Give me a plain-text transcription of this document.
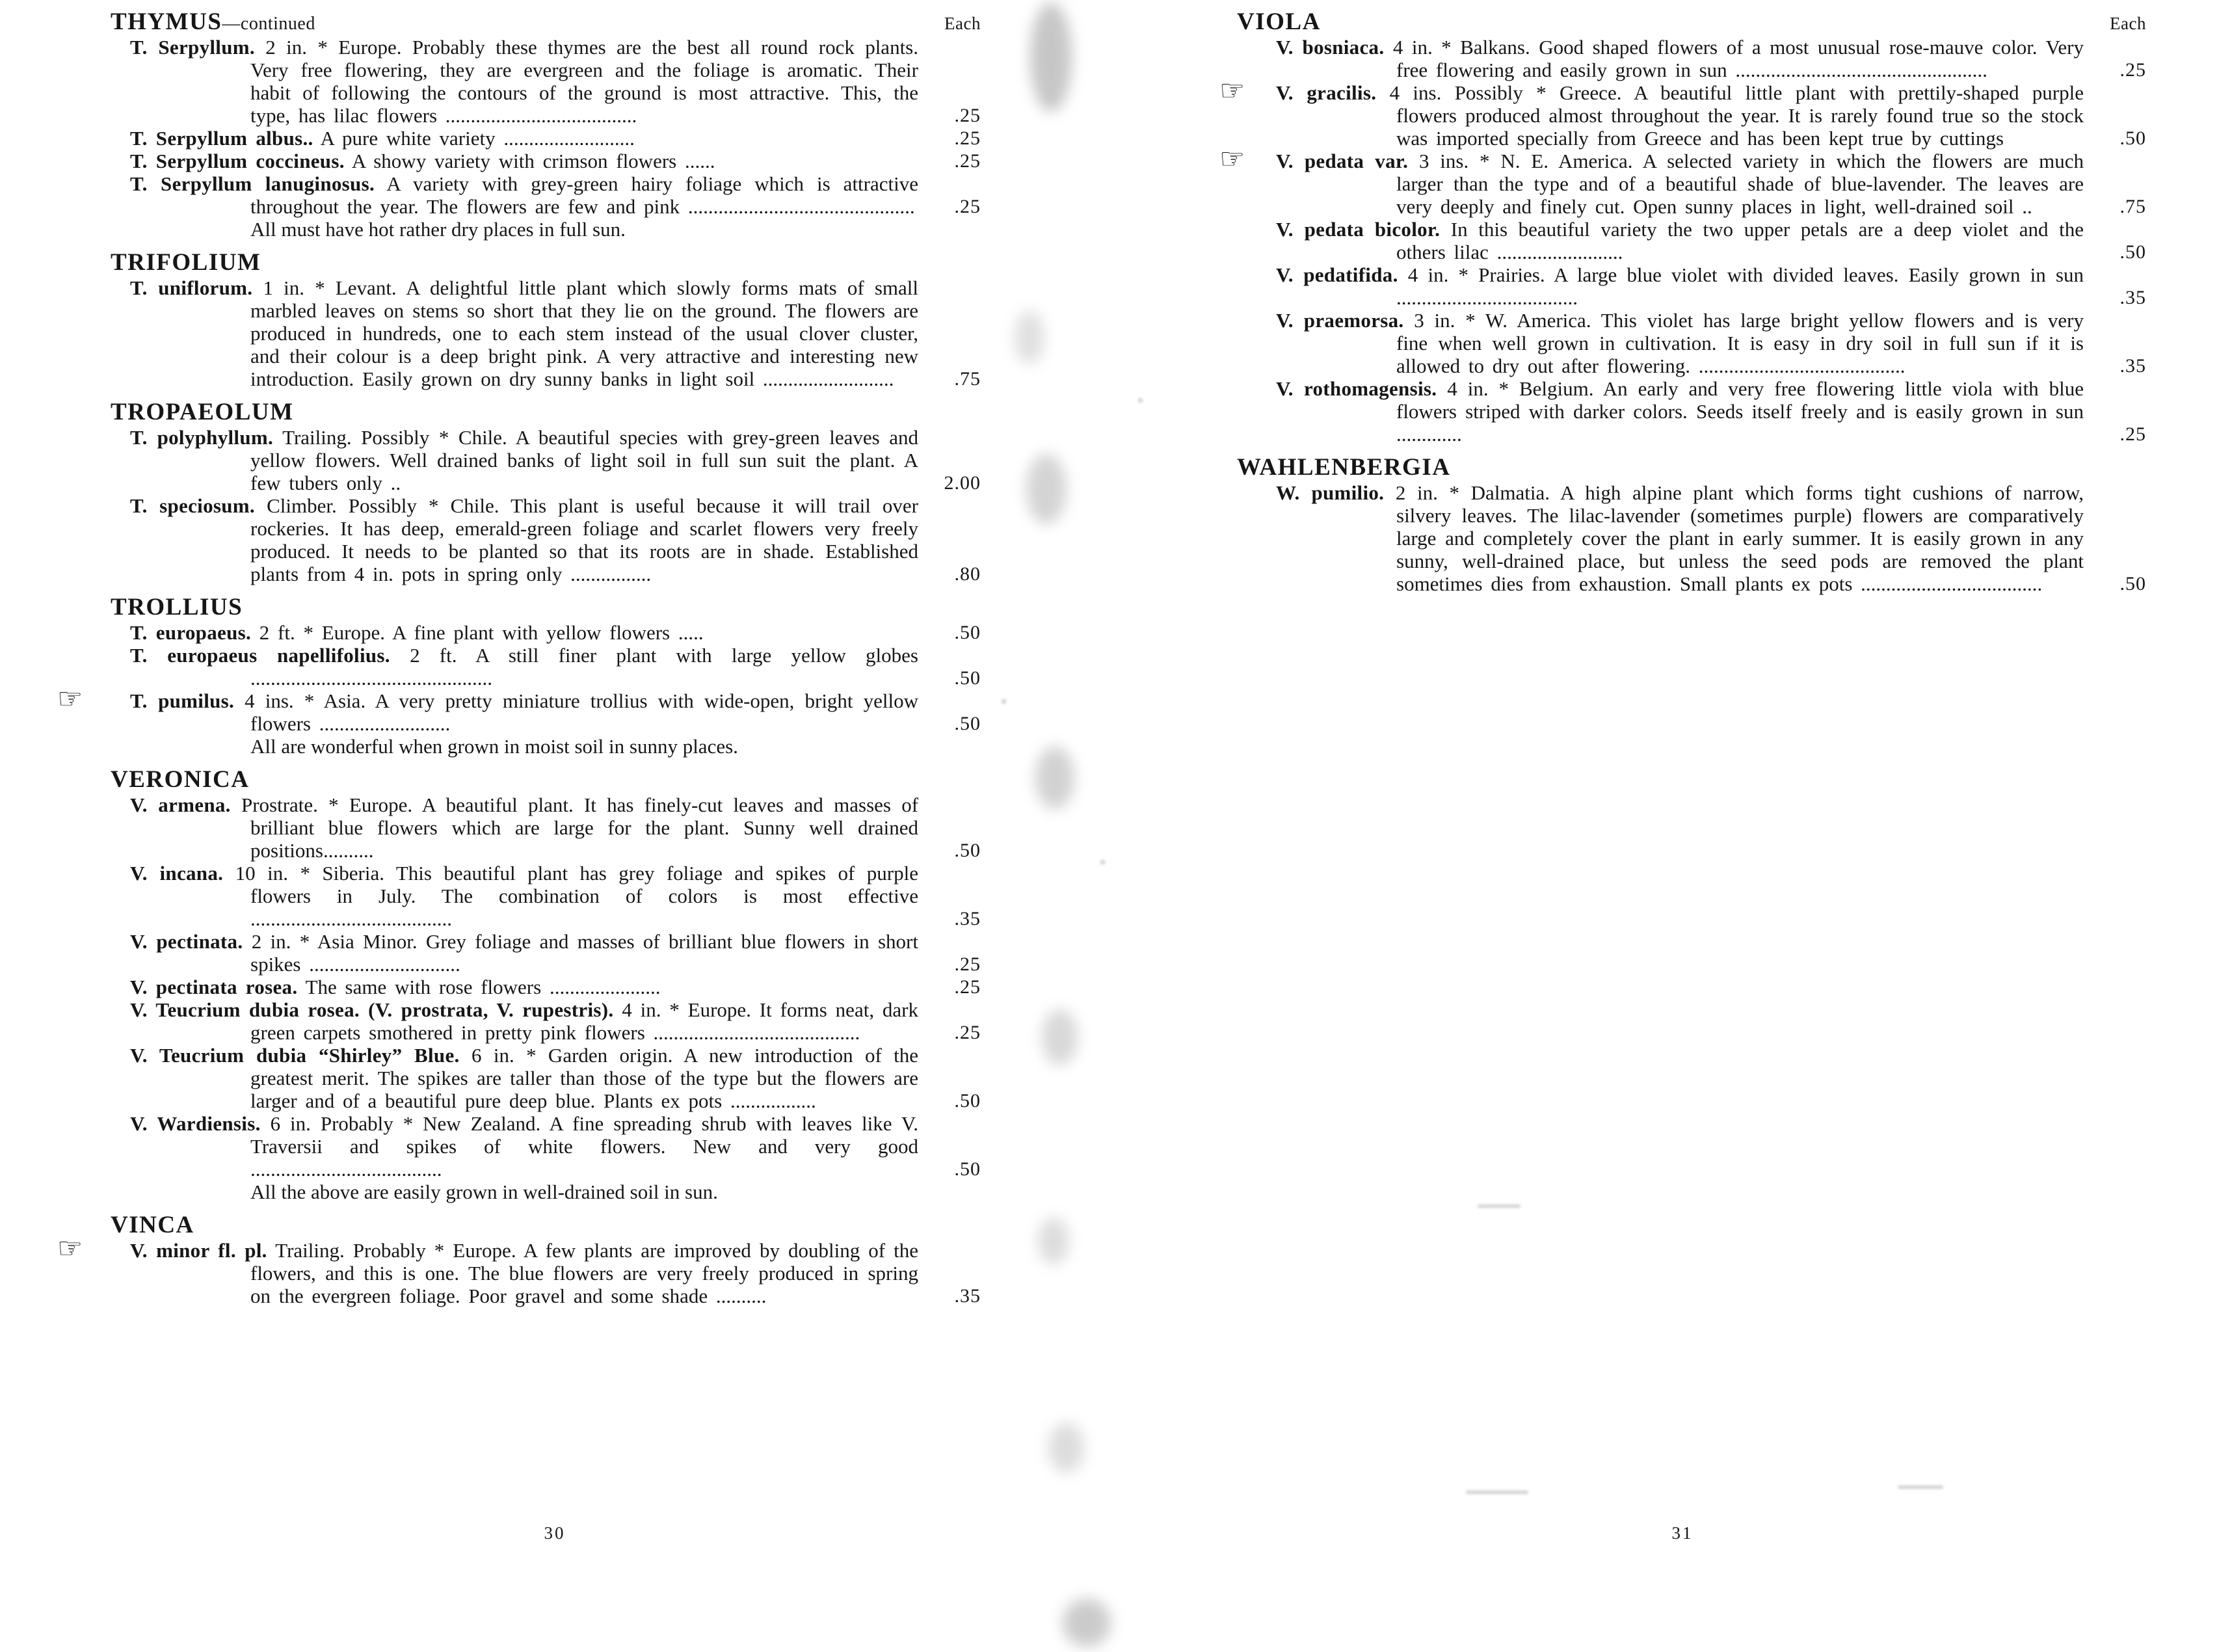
THYMUS—continued	Each
T. Serpyllum. 2 in. * Europe. Probably these thymes are the best all round rock plants. Very free flowering, they are evergreen and the foliage is aromatic. Their habit of following the contours of the ground is most attractive. This, the type, has lilac flowers ......................................	.25
T. Serpyllum albus.. A pure white variety ..........................	.25
T. Serpyllum coccineus. A showy variety with crimson flowers ......	.25
T. Serpyllum lanuginosus. A variety with grey-green hairy foliage which is attractive throughout the year. The flowers are few and pink ............................................. .25
All must have hot rather dry places in full sun.
TRIFOLIUM
T. uniflorum. 1 in. * Levant. A delightful little plant which slowly forms mats of small marbled leaves on stems so short that they lie on the ground. The flowers are produced in hundreds, one to each stem instead of the usual clover cluster, and their colour is a deep bright pink. A very attractive and interesting new introduction. Easily grown on dry sunny banks in light soil ..........................	.75
TROPAEOLUM
T. polyphyllum. Trailing. Possibly * Chile. A beautiful species with grey-green leaves and yellow flowers. Well drained banks of light soil in full sun suit the plant. A few tubers only ..	2.00
T. speciosum. Climber. Possibly * Chile. This plant is useful because it will trail over rockeries. It has deep, emerald-green foliage and scarlet flowers very freely produced. It needs to be planted so that its roots are in shade. Established plants from 4 in. pots in spring only ................	.80
TROLLIUS
T. europaeus. 2 ft. * Europe. A fine plant with yellow flowers .....	.50
T. europaeus napellifolius. 2 ft. A still finer plant with large yellow globes ................................................	.50
☞ T. pumilus. 4 ins. * Asia. A very pretty miniature trollius with wide-open, bright yellow flowers ..........................	.50
All are wonderful when grown in moist soil in sunny places.
VERONICA
V. armena. Prostrate. * Europe. A beautiful plant. It has finely-cut leaves and masses of brilliant blue flowers which are large for the plant. Sunny well drained positions..........	.50
V. incana. 10 in. * Siberia. This beautiful plant has grey foliage and spikes of purple flowers in July. The combination of colors is most effective ........................................	.35
V. pectinata. 2 in. * Asia Minor. Grey foliage and masses of brilliant blue flowers in short spikes ..............................	.25
V. pectinata rosea. The same with rose flowers ......................	.25
V. Teucrium dubia rosea. (V. prostrata, V. rupestris). 4 in. * Europe. It forms neat, dark green carpets smothered in pretty pink flowers .........................................	.25
V. Teucrium dubia “Shirley” Blue. 6 in. * Garden origin. A new introduction of the greatest merit. The spikes are taller than those of the type but the flowers are larger and of a beautiful pure deep blue. Plants ex pots .................	.50
V. Wardiensis. 6 in. Probably * New Zealand. A fine spreading shrub with leaves like V. Traversii and spikes of white flowers. New and very good ......................................	.50
All the above are easily grown in well-drained soil in sun.
VINCA
☞ V. minor fl. pl. Trailing. Probably * Europe. A few plants are improved by doubling of the flowers, and this is one. The blue flowers are very freely produced in spring on the evergreen foliage. Poor gravel and some shade ..........	.35
30
VIOLA	Each
V. bosniaca. 4 in. * Balkans. Good shaped flowers of a most unusual rose-mauve color. Very free flowering and easily grown in sun ..................................................	.25
☞ V. gracilis. 4 ins. Possibly * Greece. A beautiful little plant with prettily-shaped purple flowers produced almost throughout the year. It is rarely found true so the stock was imported specially from Greece and has been kept true by cuttings	.50
☞ V. pedata var. 3 ins. * N. E. America. A selected variety in which the flowers are much larger than the type and of a beautiful shade of blue-lavender. The leaves are very deeply and finely cut. Open sunny places in light, well-drained soil ..	.75
V. pedata bicolor. In this beautiful variety the two upper petals are a deep violet and the others lilac .........................	.50
V. pedatifida. 4 in. * Prairies. A large blue violet with divided leaves. Easily grown in sun ....................................	.35
V. praemorsa. 3 in. * W. America. This violet has large bright yellow flowers and is very fine when well grown in cultivation. It is easy in dry soil in full sun if it is allowed to dry out after flowering. .........................................	.35
V. rothomagensis. 4 in. * Belgium. An early and very free flowering little viola with blue flowers striped with darker colors. Seeds itself freely and is easily grown in sun .............	.25
WAHLENBERGIA
W. pumilio. 2 in. * Dalmatia. A high alpine plant which forms tight cushions of narrow, silvery leaves. The lilac-lavender (sometimes purple) flowers are comparatively large and completely cover the plant in early summer. It is easily grown in any sunny, well-drained place, but unless the seed pods are removed the plant sometimes dies from exhaustion. Small plants ex pots ....................................	.50
31
